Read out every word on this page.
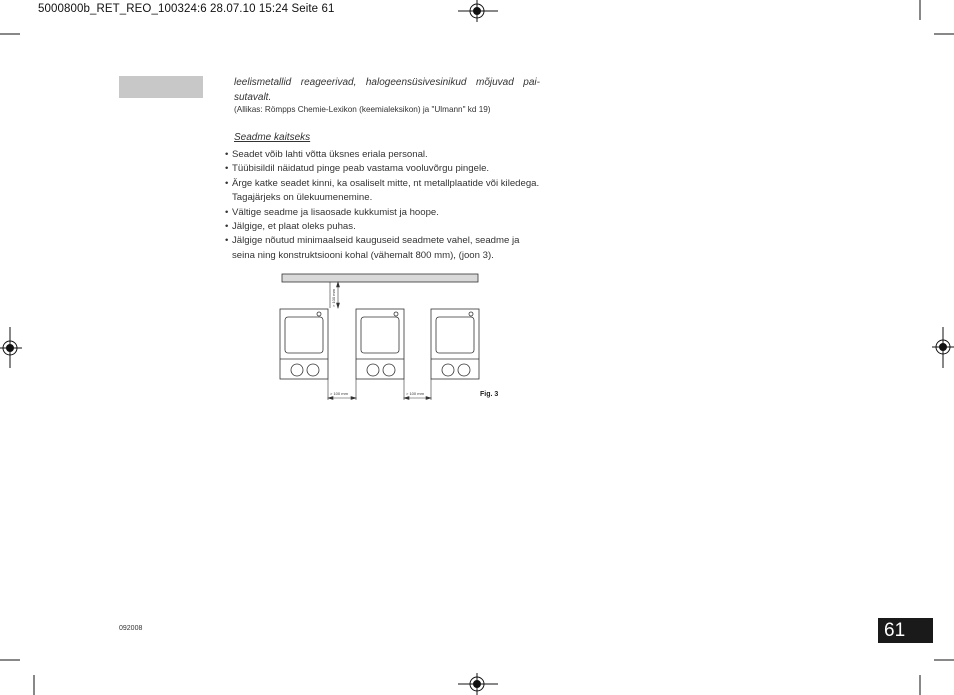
5000800b_RET_REO_100324:6 28.07.10 15:24 Seite 61
leelismetallid reageerivad, halogeensüsivesinikud mõjuvad pai- sutavalt.
(Allikas: Römpps Chemie-Lexikon (keemialeksikon) ja "Ulmann" kd 19)
Seadme kaitseks
• Seadet võib lahti võtta üksnes eriala personal.
• Tüübisildil näidatud pinge peab vastama vooluvõrgu pingele.
• Ärge katke seadet kinni, ka osaliselt mitte, nt metallplaatide või kiledega. Tagajärjeks on ülekuumenemine.
• Vältige seadme ja lisaosade kukkumist ja hoope.
• Jälgige, et plaat oleks puhas.
• Jälgige nõutud minimaalseid kauguseid seadmete vahel, seadme ja seina ning konstruktsiooni kohal (vähemalt 800 mm), (joon 3).
> 100 mm
> 100 mm	> 100 mm	Fig. 3
092008	61
